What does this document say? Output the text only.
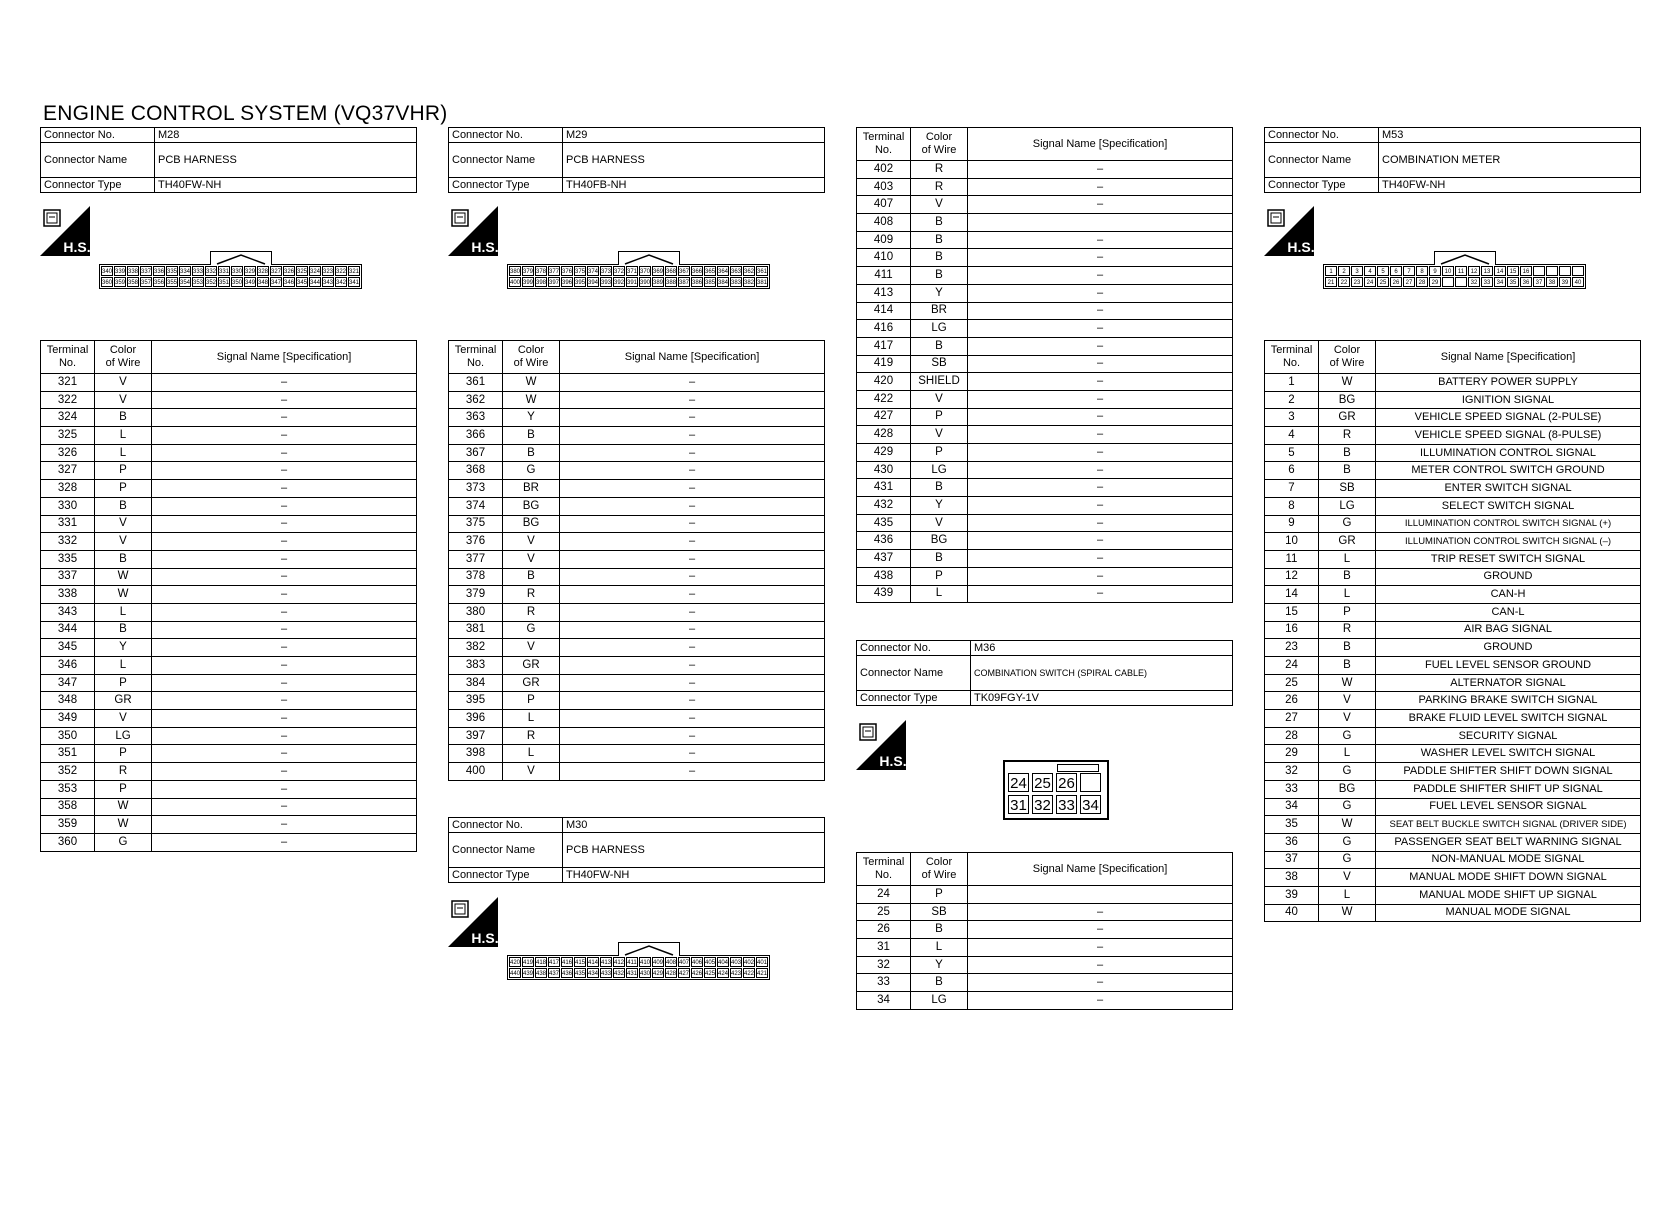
ENGINE CONTROL SYSTEM (VQ37VHR)
Connector No.	M28
Connector Name	PCB HARNESS
Connector Type	TH40FW-NH
H.S.
340 339 338 337 336 335 334 333 332 331 330 329 328 327 326 325 324 323 322 321
360 359 358 357 356 355 354 353 352 351 350 349 348 347 346 345 344 343 342 341
Connector No.	M29
Connector Name	PCB HARNESS
Connector Type	TH40FB-NH
H.S.
380 379 378 377 376 375 374 373 372 371 370 369 368 367 366 365 364 363 362 361
400 399 398 397 396 395 394 393 392 391 390 389 388 387 386 385 384 383 382 381
Connector No.	M30
Connector Name	PCB HARNESS
Connector Type	TH40FW-NH
H.S.
420 419 418 417 416 415 414 413 412 411 410 409 408 407 406 405 404 403 402 401
440 439 438 437 436 435 434 433 432 431 430 429 428 427 426 425 424 423 422 421
Connector No.	M36
Connector Name	COMBINATION SWITCH (SPIRAL CABLE)
Connector Type	TK09FGY-1V
H.S.
24 25 26
31 32 33 34
Connector No.	M53
Connector Name	COMBINATION METER
Connector Type	TH40FW-NH
H.S.
1	2	3	4	5	6	7	8	9	10	11	12	13	14	15	16
21	22	23	24	25	26	27	28	29	32	33	34	35	36	37	38	39	40
Terminal
No.	Color
of Wire	Signal Name [Specification]
321	V	–
322	V	–
324	B	–
325	L	–
326	L	–
327	P	–
328	P	–
330	B	–
331	V	–
332	V	–
335	B	–
337	W	–
338	W	–
343	L	–
344	B	–
345	Y	–
346	L	–
347	P	–
348	GR	–
349	V	–
350	LG	–
351	P	–
352	R	–
353	P	–
358	W	–
359	W	–
360	G	–
Terminal
No.	Color
of Wire	Signal Name [Specification]
361	W	–
362	W	–
363	Y	–
366	B	–
367	B	–
368	G	–
373	BR	–
374	BG	–
375	BG	–
376	V	–
377	V	–
378	B	–
379	R	–
380	R	–
381	G	–
382	V	–
383	GR	–
384	GR	–
395	P	–
396	L	–
397	R	–
398	L	–
400	V	–
Terminal
No.	Color
of Wire	Signal Name [Specification]
402	R	–
403	R	–
407	V	–
408	B	
409	B	–
410	B	–
411	B	–
413	Y	–
414	BR	–
416	LG	–
417	B	–
419	SB	–
420	SHIELD	–
422	V	–
427	P	–
428	V	–
429	P	–
430	LG	–
431	B	–
432	Y	–
435	V	–
436	BG	–
437	B	–
438	P	–
439	L	–
Terminal
No.	Color
of Wire	Signal Name [Specification]
24	P	
25	SB	–
26	B	–
31	L	–
32	Y	–
33	B	–
34	LG	–
Terminal
No.	Color
of Wire	Signal Name [Specification]
1	W	BATTERY POWER SUPPLY
2	BG	IGNITION SIGNAL
3	GR	VEHICLE SPEED SIGNAL (2-PULSE)
4	R	VEHICLE SPEED SIGNAL (8-PULSE)
5	B	ILLUMINATION CONTROL SIGNAL
6	B	METER CONTROL SWITCH GROUND
7	SB	ENTER SWITCH SIGNAL
8	LG	SELECT SWITCH SIGNAL
9	G	ILLUMINATION CONTROL SWITCH SIGNAL (+)
10	GR	ILLUMINATION CONTROL SWITCH SIGNAL (–)
11	L	TRIP RESET SWITCH SIGNAL
12	B	GROUND
14	L	CAN-H
15	P	CAN-L
16	R	AIR BAG SIGNAL
23	B	GROUND
24	B	FUEL LEVEL SENSOR GROUND
25	W	ALTERNATOR SIGNAL
26	V	PARKING BRAKE SWITCH SIGNAL
27	V	BRAKE FLUID LEVEL SWITCH SIGNAL
28	G	SECURITY SIGNAL
29	L	WASHER LEVEL SWITCH SIGNAL
32	G	PADDLE SHIFTER SHIFT DOWN SIGNAL
33	BG	PADDLE SHIFTER SHIFT UP SIGNAL
34	G	FUEL LEVEL SENSOR SIGNAL
35	W	SEAT BELT BUCKLE SWITCH SIGNAL (DRIVER SIDE)
36	G	PASSENGER SEAT BELT WARNING SIGNAL
37	G	NON-MANUAL MODE SIGNAL
38	V	MANUAL MODE SHIFT DOWN SIGNAL
39	L	MANUAL MODE SHIFT UP SIGNAL
40	W	MANUAL MODE SIGNAL
